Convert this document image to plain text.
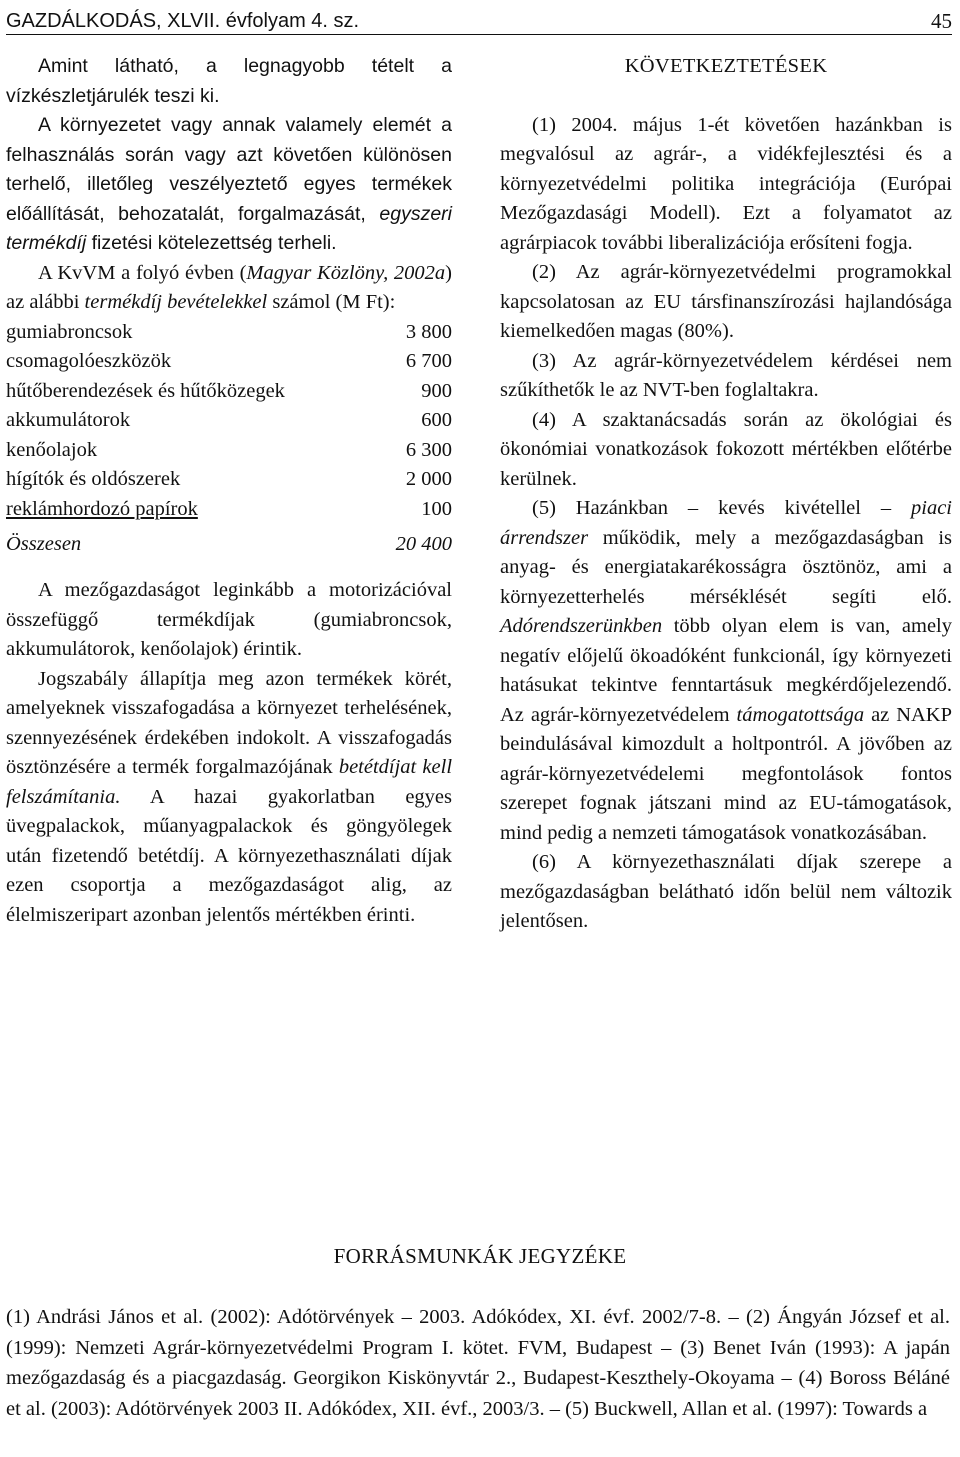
GAZDÁLKODÁS, XLVII. évfolyam 4. sz.	45

Amint látható, a legnagyobb tételt a vízkészletjárulék teszi ki.

A környezetet vagy annak valamely elemét a felhasználás során vagy azt követően különösen terhelő, illetőleg veszélyeztető egyes termékek előállítását, behozatalát, forgalmazását, egyszeri termékdíj fizetési kötelezettség terheli.

A KvVM a folyó évben (Magyar Közlöny, 2002a) az alábbi termékdíj bevételekkel számol (M Ft):

gumiabroncsok	3 800
csomagolóeszközök	6 700
hűtőberendezések és hűtőközegek	900
akkumulátorok	600
kenőolajok	6 300
hígítók és oldószerek	2 000
reklámhordozó papírok	100
Összesen	20 400

A mezőgazdaságot leginkább a motorizációval összefüggő termékdíjak (gumiabroncsok, akkumulátorok, kenőolajok) érintik.

Jogszabály állapítja meg azon termékek körét, amelyeknek visszafogadása a környezet terhelésének, szennyezésének érdekében indokolt. A visszafogadás ösztönzésére a termék forgalmazójának betétdíjat kell felszámítania. A hazai gyakorlatban egyes üvegpalackok, műanyagpalackok és göngyölegek után fizetendő betétdíj. A környezethasználati díjak ezen csoportja a mezőgazdaságot alig, az élelmiszeripart azonban jelentős mértékben érinti.

KÖVETKEZTETÉSEK

(1) 2004. május 1-ét követően hazánkban is megvalósul az agrár-, a vidékfejlesztési és a környezetvédelmi politika integrációja (Európai Mezőgazdasági Modell). Ezt a folyamatot az agrárpiacok további liberalizációja erősíteni fogja.

(2) Az agrár-környezetvédelmi programokkal kapcsolatosan az EU társfinanszírozási hajlandósága kiemelkedően magas (80%).

(3) Az agrár-környezetvédelem kérdései nem szűkíthetők le az NVT-ben foglaltakra.

(4) A szaktanácsadás során az ökológiai és ökonómiai vonatkozások fokozott mértékben előtérbe kerülnek.

(5) Hazánkban – kevés kivétellel – piaci árrendszer működik, mely a mezőgazdaságban is anyag- és energiatakarékosságra ösztönöz, ami a környezetterhelés mérséklését segíti elő. Adórendszerünkben több olyan elem is van, amely negatív előjelű ökoadóként funkcionál, így környezeti hatásukat tekintve fenntartásuk megkérdőjelezendő. Az agrár-környezetvédelem támogatottsága az NAKP beindulásával kimozdult a holtpontról. A jövőben az agrár-környezetvédelemi megfontolások fontos szerepet fognak játszani mind az EU-támogatások, mind pedig a nemzeti támogatások vonatkozásában.

(6) A környezethasználati díjak szerepe a mezőgazdaságban belátható időn belül nem változik jelentősen.

FORRÁSMUNKÁK JEGYZÉKE
(1) Andrási János et al. (2002): Adótörvények – 2003. Adókódex, XI. évf. 2002/7-8. – (2) Ángyán József et al. (1999): Nemzeti Agrár-környezetvédelmi Program I. kötet. FVM, Budapest – (3) Benet Iván (1993): A japán mezőgazdaság és a piacgazdaság. Georgikon Kiskönyvtár 2., Budapest-Keszthely-Okoyama – (4) Boross Béláné et al. (2003): Adótörvények 2003 II. Adókódex, XII. évf., 2003/3. – (5) Buckwell, Allan et al. (1997): Towards a
